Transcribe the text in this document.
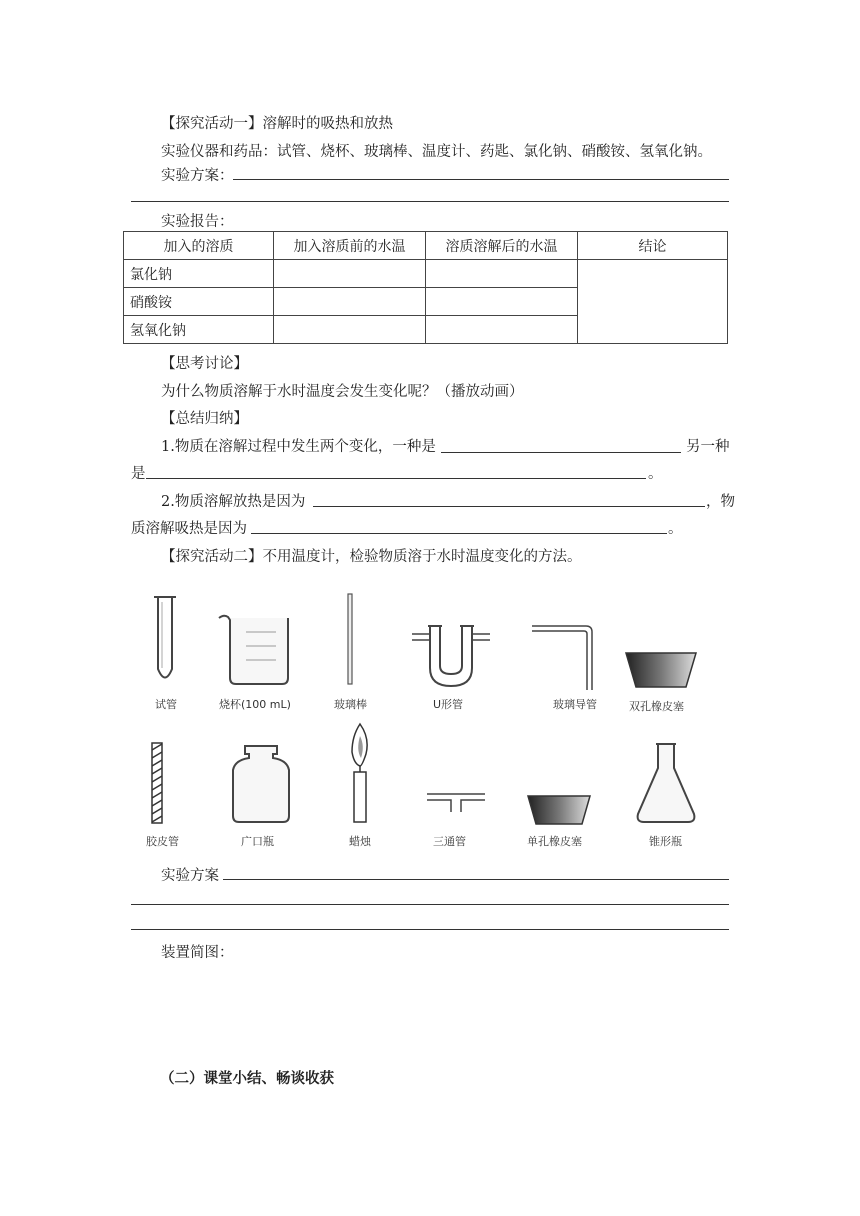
【探究活动一】溶解时的吸热和放热
实验仪器和药品：试管、烧杯、玻璃棒、温度计、药匙、氯化钠、硝酸铵、氢氧化钠。
实验方案：
实验报告：
加入的溶质	加入溶质前的水温	溶质溶解后的水温	结论
氯化钠			
硝酸铵			
氢氧化钠			
【思考讨论】
为什么物质溶解于水时温度会发生变化呢？（播放动画）
【总结归纳】
1.物质在溶解过程中发生两个变化，一种是	另一种
是	。
2.物质溶解放热是因为	，物
质溶解吸热是因为	。
【探究活动二】不用温度计，检验物质溶于水时温度变化的方法。
试管	烧杯(100 mL)	玻璃棒	U形管	玻璃导管	双孔橡皮塞
胶皮管	广口瓶	蜡烛	三通管	单孔橡皮塞	锥形瓶
实验方案
装置简图：
（二）课堂小结、畅谈收获
